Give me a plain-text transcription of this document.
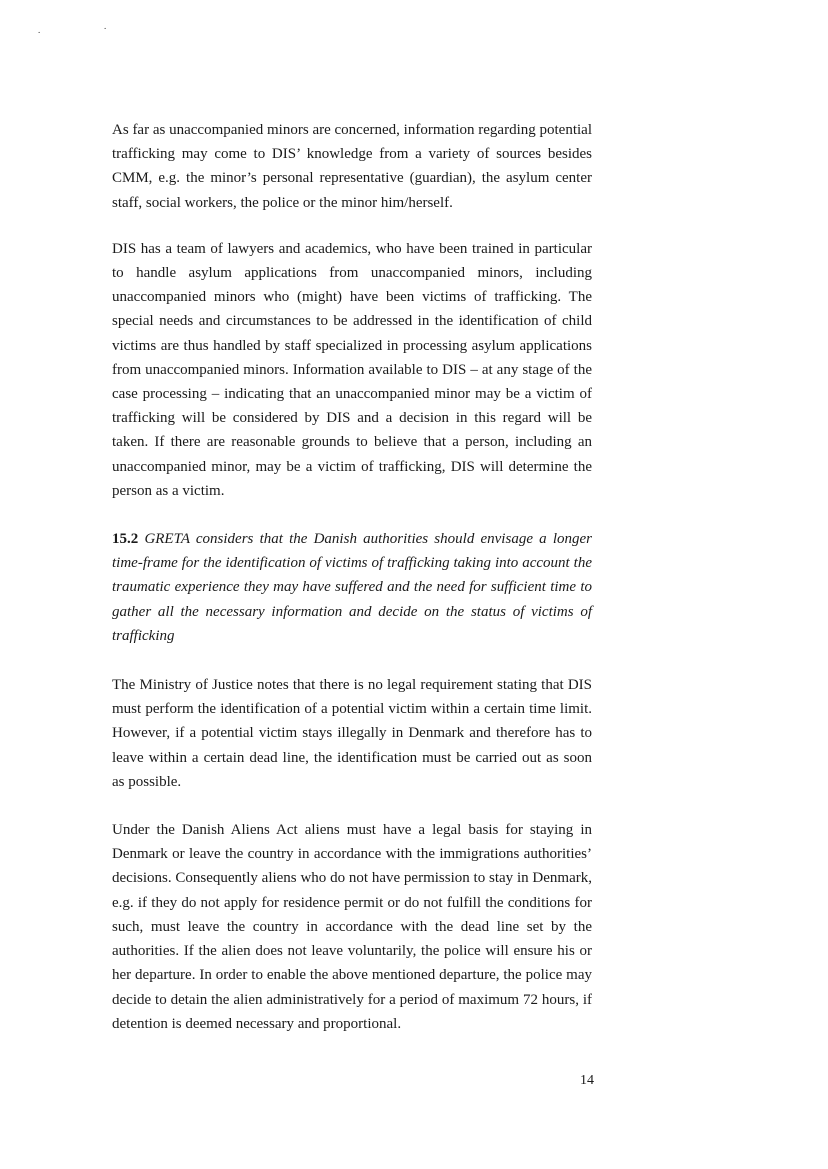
.	.

As far as unaccompanied minors are concerned, information regarding potential trafficking may come to DIS’ knowledge from a variety of sources besides CMM, e.g. the minor’s personal representative (guardian), the asylum center staff, social workers, the police or the minor him/herself.

DIS has a team of lawyers and academics, who have been trained in particular to handle asylum applications from unaccompanied minors, including unaccompanied minors who (might) have been victims of trafficking. The special needs and circumstances to be addressed in the identification of child victims are thus handled by staff specialized in processing asylum applications from unaccompanied minors. Information available to DIS – at any stage of the case processing – indicating that an unaccompanied minor may be a victim of trafficking will be considered by DIS and a decision in this regard will be taken. If there are reasonable grounds to believe that a person, including an unaccompanied minor, may be a victim of trafficking, DIS will determine the person as a victim.

15.2 GRETA considers that the Danish authorities should envisage a longer time-frame for the identification of victims of trafficking taking into account the traumatic experience they may have suffered and the need for sufficient time to gather all the necessary information and decide on the status of victims of trafficking

The Ministry of Justice notes that there is no legal requirement stating that DIS must perform the identification of a potential victim within a certain time limit. However, if a potential victim stays illegally in Denmark and therefore has to leave within a certain dead line, the identification must be carried out as soon as possible.

Under the Danish Aliens Act aliens must have a legal basis for staying in Denmark or leave the country in accordance with the immigrations authorities’ decisions. Consequently aliens who do not have permission to stay in Denmark, e.g. if they do not apply for residence permit or do not fulfill the conditions for such, must leave the country in accordance with the dead line set by the authorities. If the alien does not leave voluntarily, the police will ensure his or her departure. In order to enable the above mentioned departure, the police may decide to detain the alien administratively for a period of maximum 72 hours, if detention is deemed necessary and proportional.

14
